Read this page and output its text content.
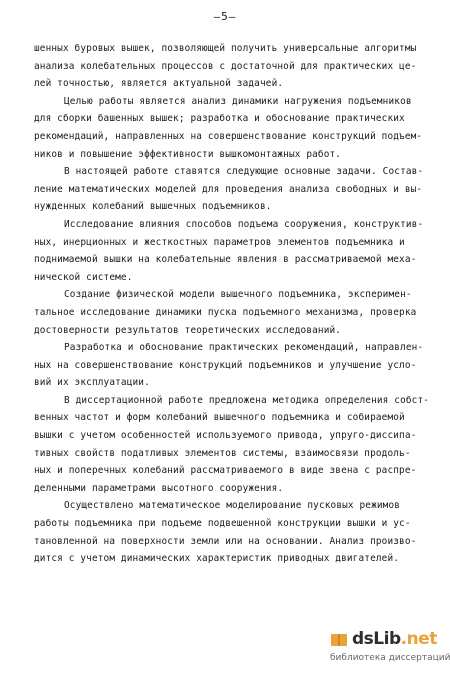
—5—
шенных буровых вышек, позволяющей получить универсальные алгоритмы
анализа колебательных процессов с достаточной для практических це-
лей точностью, является актуальной задачей.
Целью работы является анализ динамики нагружения подъемников
для сборки башенных вышек; разработка и обоснование практических
рекомендаций, направленных на совершенствование конструкций подъем-
ников и повышение эффективности вышкомонтажных работ.
В настоящей работе ставятся следующие основные задачи. Состав-
ление математических моделей для проведения анализа свободных и вы-
нужденных колебаний вышечных подъемников.
Исследование влияния способов подъема сооружения, конструктив-
ных, инерционных и жесткостных параметров элементов подъемника и
поднимаемой вышки на колебательные явления в рассматриваемой меха-
нической системе.
Создание физической модели вышечного подъемника, эксперимен-
тальное исследование динамики пуска подъемного механизма, проверка
достоверности результатов теоретических исследований.
Разработка и обоснование практических рекомендаций, направлен-
ных на совершенствование конструкций подъемников и улучшение усло-
вий их эксплуатации.
В диссертационной работе предложена методика определения собст-
венных частот и форм колебаний вышечного подъемника и собираемой
вышки с учетом особенностей используемого привода, упруго-диссипа-
тивных свойств податливых элементов системы, взаимосвязи продоль-
ных и поперечных колебаний рассматриваемого в виде звена с распре-
деленными параметрами высотного сооружения.
Осуществлено математическое моделирование пусковых режимов
работы подъемника при подъеме подвешенной конструкции вышки и ус-
тановленной на поверхности земли или на основании. Анализ произво-
дится с учетом динамических характеристик приводных двигателей.
dsLib.net
библиотека диссертаций
